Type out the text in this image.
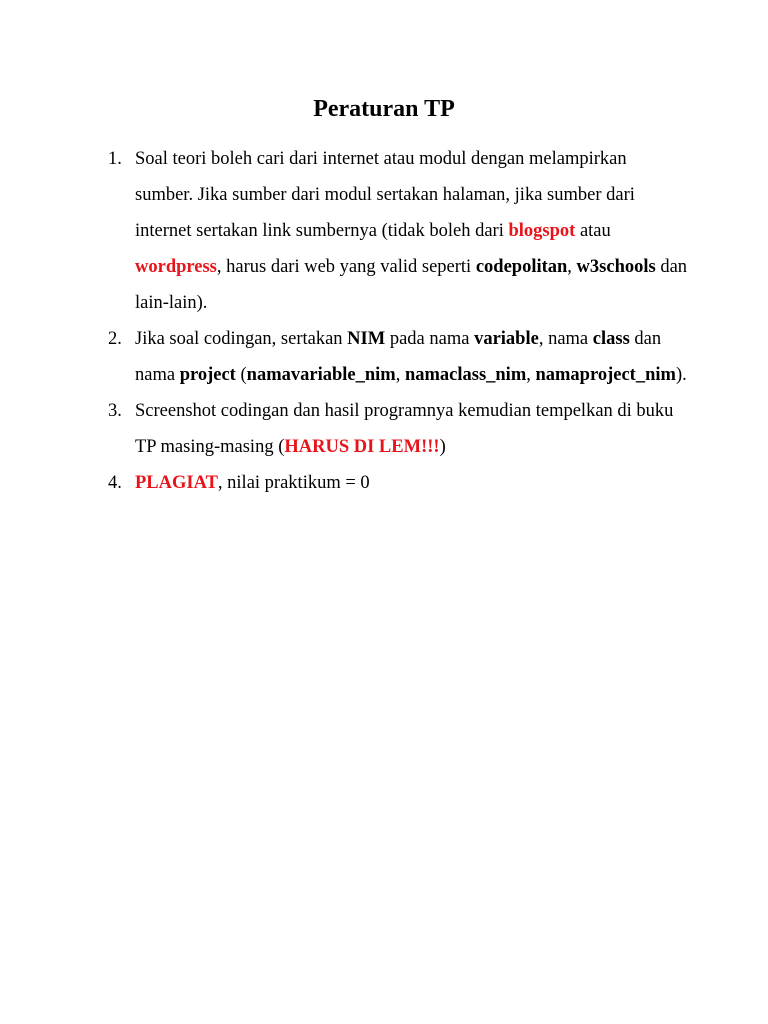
Peraturan TP
1. Soal teori boleh cari dari internet atau modul dengan melampirkan sumber. Jika sumber dari modul sertakan halaman, jika sumber dari internet sertakan link sumbernya (tidak boleh dari blogspot atau wordpress, harus dari web yang valid seperti codepolitan, w3schools dan lain-lain).
2. Jika soal codingan, sertakan NIM pada nama variable, nama class dan nama project (namavariable_nim, namaclass_nim, namaproject_nim).
3. Screenshot codingan dan hasil programnya kemudian tempelkan di buku TP masing-masing (HARUS DI LEM!!!)
4. PLAGIAT, nilai praktikum = 0
